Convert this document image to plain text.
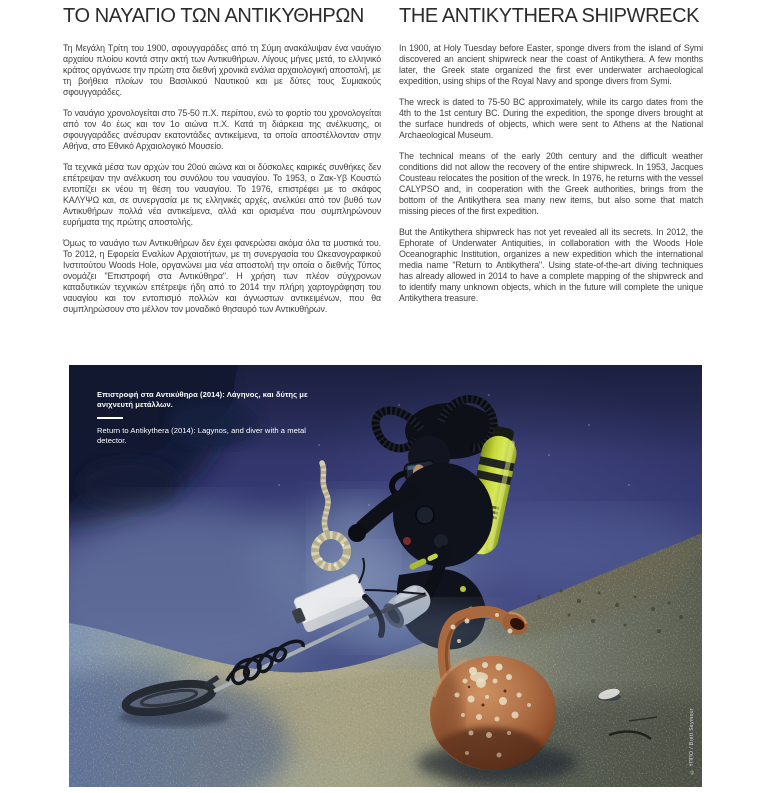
ΤΟ ΝΑΥΑΓΙΟ ΤΩΝ ΑΝΤΙΚΥΘΗΡΩΝ

Τη Μεγάλη Τρίτη του 1900, σφουγγαράδες από τη Σύμη ανακάλυψαν ένα ναυάγιο αρχαίου πλοίου κοντά στην ακτή των Αντικυθήρων. Λίγους μήνες μετά, το ελληνικό κράτος οργάνωσε την πρώτη στα διεθνή χρονικά ενάλια αρχαιολογική αποστολή, με τη βοήθεια πλοίων του Βασιλικού Ναυτικού και με δύτες τους Συμιακούς σφουγγαράδες.

Το ναυάγιο χρονολογείται στο 75-50 π.Χ. περίπου, ενώ το φορτίο του χρονολογείται από τον 4ο έως και τον 1ο αιώνα π.Χ. Κατά τη διάρκεια της ανέλκυσης, οι σφουγγαράδες ανέσυραν εκατοντάδες αντικείμενα, τα οποία αποστέλλονταν στην Αθήνα, στο Εθνικό Αρχαιολογικό Μουσείο.

Τα τεχνικά μέσα των αρχών του 20ού αιώνα και οι δύσκολες καιρικές συνθήκες δεν επέτρεψαν την ανέλκυση του συνόλου του ναυαγίου. Το 1953, ο Ζακ-Υβ Κουστώ εντοπίζει εκ νέου τη θέση του ναυαγίου. Το 1976, επιστρέφει με το σκάφος ΚΑΛΥΨΩ και, σε συνεργασία με τις ελληνικές αρχές, ανελκύει από τον βυθό των Αντικυθήρων πολλά νέα αντικείμενα, αλλά και ορισμένα που συμπληρώνουν ευρήματα της πρώτης αποστολής.

Όμως το ναυάγιο των Αντικυθήρων δεν έχει φανερώσει ακόμα όλα τα μυστικά του. Το 2012, η Εφορεία Εναλίων Αρχαιοτήτων, με τη συνεργασία του Ωκεανογραφικού Ινστιτούτου Woods Hole, οργανώνει μια νέα αποστολή την οποία ο διεθνής Τύπος ονομάζει "Επιστροφή στα Αντικύθηρα". Η χρήση των πλέον σύγχρονων καταδυτικών τεχνικών επέτρεψε ήδη από το 2014 την πλήρη χαρτογράφηση του ναυαγίου και τον εντοπισμό πολλών και άγνωστων αντικειμένων, που θα συμπληρώσουν στο μέλλον τον μοναδικό θησαυρό των Αντικυθήρων.

THE ANTIKYTHERA SHIPWRECK

In 1900, at Holy Tuesday before Easter, sponge divers from the island of Symi discovered an ancient shipwreck near the coast of Antikythera. A few months later, the Greek state organized the first ever underwater archaeological expedition, using ships of the Royal Navy and sponge divers from Symi.

The wreck is dated to 75-50 BC approximately, while its cargo dates from the 4th to the 1st century BC. During the expedition, the sponge divers brought at the surface hundreds of objects, which were sent to Athens at the National Archaeological Museum.

The technical means of the early 20th century and the difficult weather conditions did not allow the recovery of the entire shipwreck. In 1953, Jacques Cousteau relocates the position of the wreck. In 1976, he returns with the vessel CALYPSO and, in cooperation with the Greek authorities, brings from the bottom of the Antikythera sea many new items, but also some that match missing pieces of the first expedition.

But the Antikythera shipwreck has not yet revealed all its secrets. In 2012, the Ephorate of Underwater Antiquities, in collaboration with the Woods Hole Oceanographic Institution, organizes a new expedition which the international media name "Return to Antikythera". Using state-of-the-art diving techniques has already allowed in 2014 to have a complete mapping of the shipwreck and to identify many unknown objects, which in the future will complete the unique Antikythera treasure.

Επιστροφή στα Αντικύθηρα (2014): Λάγηνος, και δύτης με ανιχνευτή μετάλλων.
Return to Antikythera (2014): Lagynos, and diver with a metal detector.
© ΥΠΠΟ / Brett Seymour
